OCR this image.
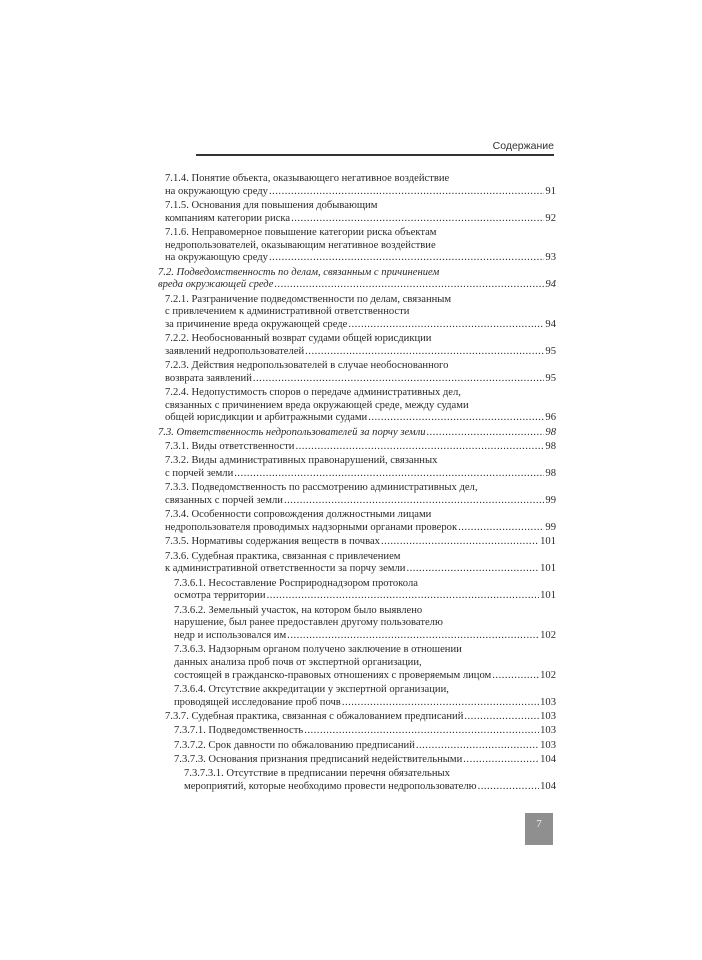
Содержание
7.1.4. Понятие объекта, оказывающего негативное воздействие
на окружающую среду .....	91
7.1.5. Основания для повышения добывающим
компаниям категории риска .....	92
7.1.6. Неправомерное повышение категории риска объектам
недропользователей, оказывающим негативное воздействие
на окружающую среду .....	93
7.2. Подведомственность по делам, связанным с причинением
вреда окружающей среде .....	94
7.2.1. Разграничение подведомственности по делам, связанным
с привлечением к административной ответственности
за причинение вреда окружающей среде .....	94
7.2.2. Необоснованный возврат судами общей юрисдикции
заявлений недропользователей .....	95
7.2.3. Действия недропользователей в случае необоснованного
возврата заявлений .....	95
7.2.4. Недопустимость споров о передаче административных дел,
связанных с причинением вреда окружающей среде, между судами
общей юрисдикции и арбитражными судами .....	96
7.3. Ответственность недропользователей за порчу земли .....	98
7.3.1. Виды ответственности .....	98
7.3.2. Виды административных правонарушений, связанных
с порчей земли .....	98
7.3.3. Подведомственность по рассмотрению административных дел,
связанных с порчей земли .....	99
7.3.4. Особенности сопровождения должностными лицами
недропользователя проводимых надзорными органами проверок .....	99
7.3.5. Нормативы содержания веществ в почвах .....	101
7.3.6. Судебная практика, связанная с привлечением
к административной ответственности за порчу земли .....	101
7.3.6.1. Несоставление Росприроднадзором протокола
осмотра территории .....	101
7.3.6.2. Земельный участок, на котором было выявлено
нарушение, был ранее предоставлен другому пользователю
недр и использовался им .....	102
7.3.6.3. Надзорным органом получено заключение в отношении
данных анализа проб почв от экспертной организации,
состоящей в гражданско-правовых отношениях с проверяемым лицом .....	102
7.3.6.4. Отсутствие аккредитации у экспертной организации,
проводящей исследование проб почв .....	103
7.3.7. Судебная практика, связанная с обжалованием предписаний .....	103
7.3.7.1. Подведомственность .....	103
7.3.7.2. Срок давности по обжалованию предписаний .....	103
7.3.7.3. Основания признания предписаний недействительными .....	104
7.3.7.3.1. Отсутствие в предписании перечня обязательных
мероприятий, которые необходимо провести недропользователю .....	104
7
